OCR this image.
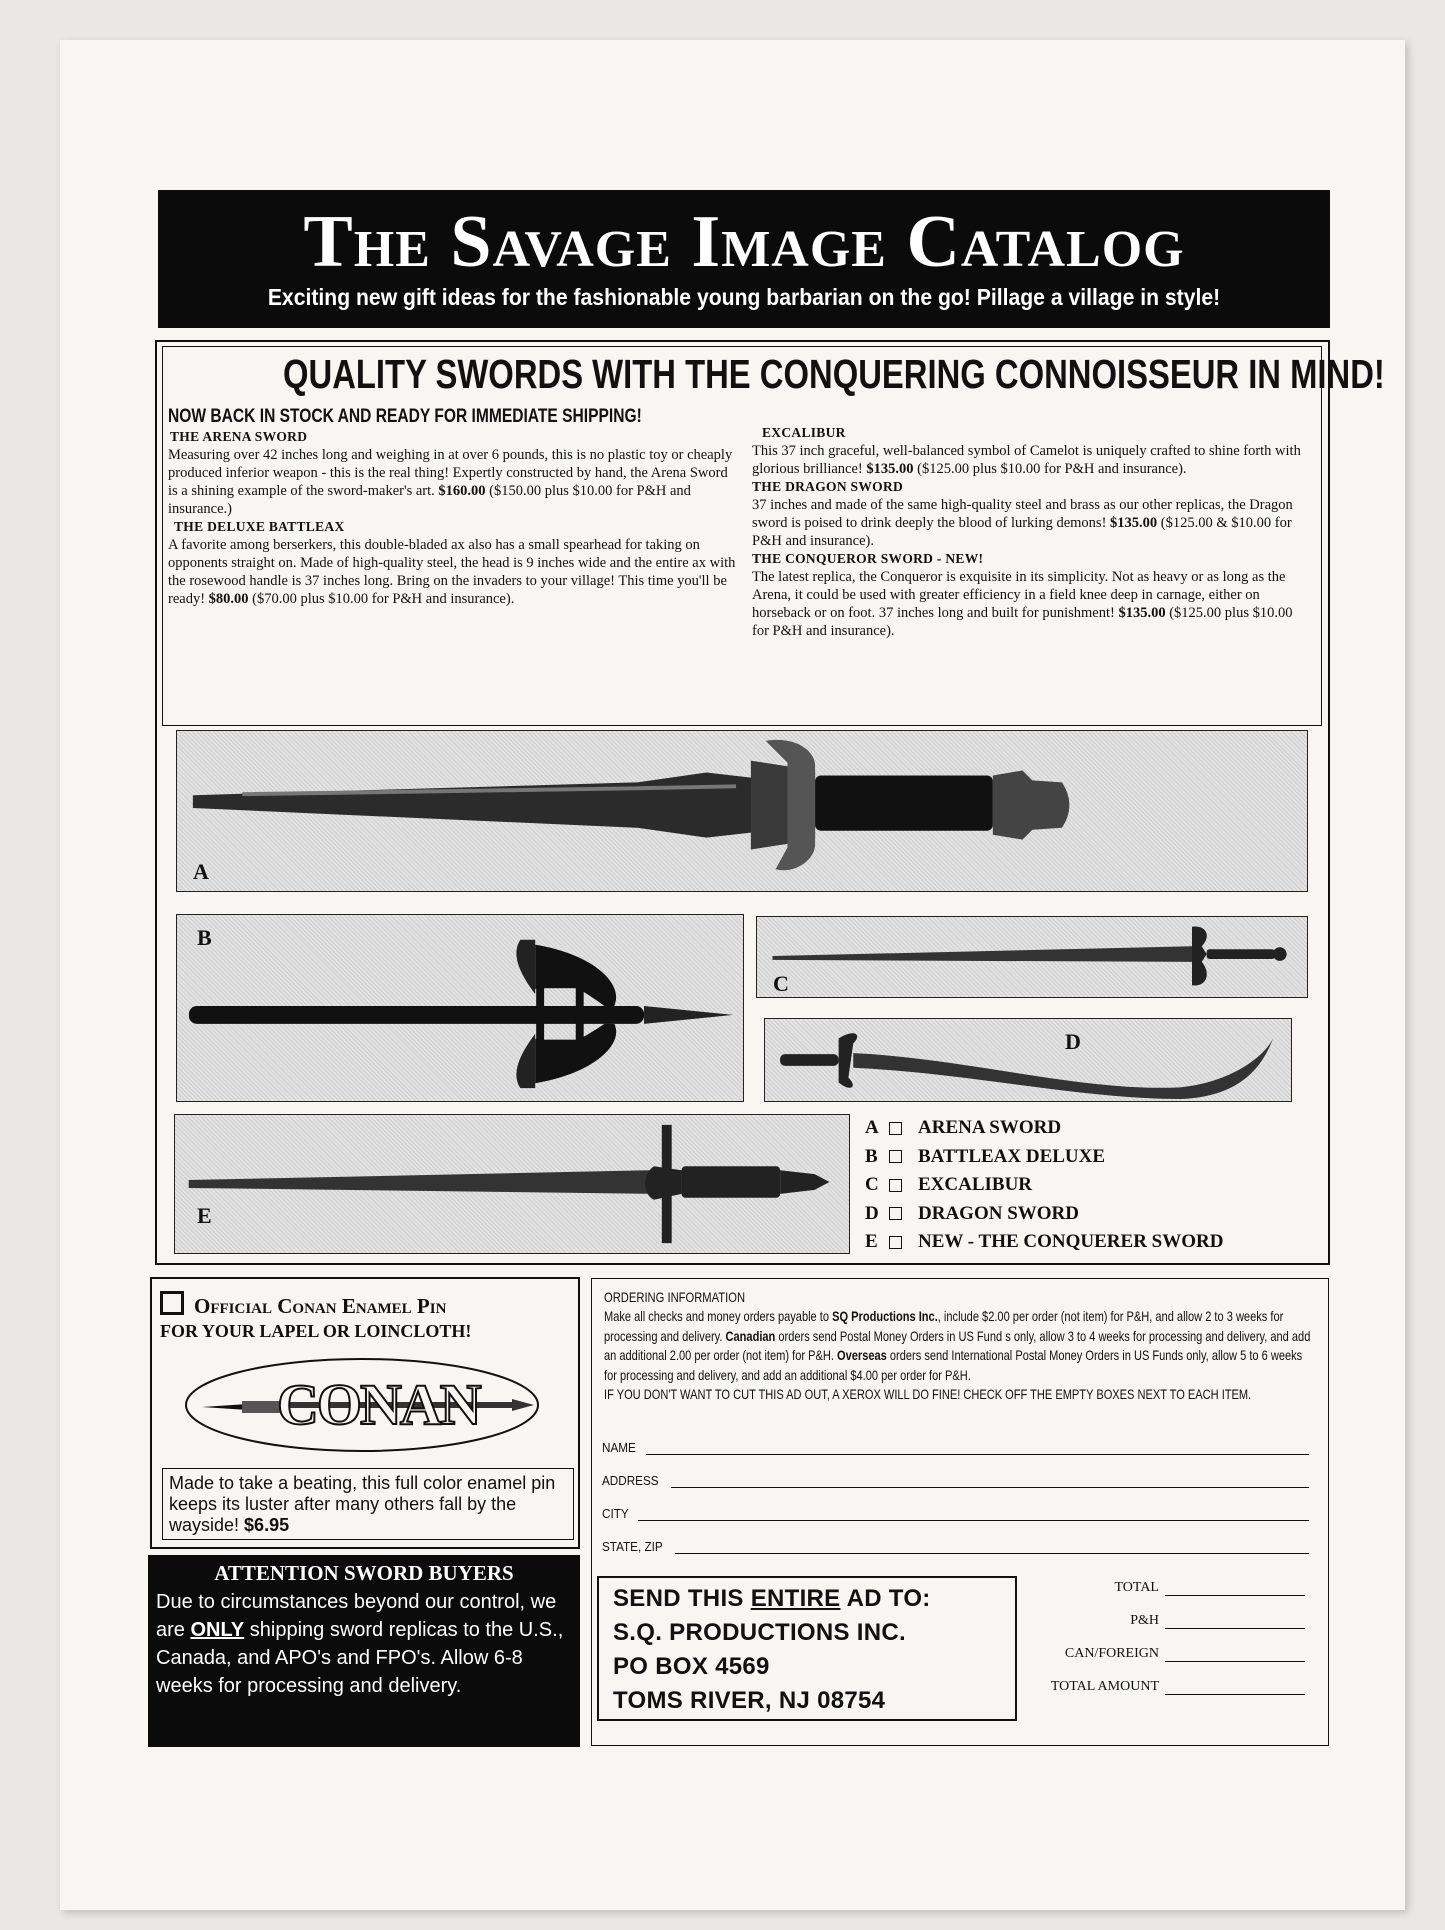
The Savage Image Catalog
Exciting new gift ideas for the fashionable young barbarian on the go! Pillage a village in style!
QUALITY SWORDS WITH THE CONQUERING CONNOISSEUR IN MIND!
NOW BACK IN STOCK AND READY FOR IMMEDIATE SHIPPING!
THE ARENA SWORD
Measuring over 42 inches long and weighing in at over 6 pounds, this is no plastic toy or cheaply produced inferior weapon - this is the real thing! Expertly constructed by hand, the Arena Sword is a shining example of the sword-maker's art. $160.00 ($150.00 plus $10.00 for P&H and insurance.)
THE DELUXE BATTLEAX
A favorite among berserkers, this double-bladed ax also has a small spearhead for taking on opponents straight on. Made of high-quality steel, the head is 9 inches wide and the entire ax with the rosewood handle is 37 inches long. Bring on the invaders to your village! This time you'll be ready! $80.00 ($70.00 plus $10.00 for P&H and insurance).
EXCALIBUR
This 37 inch graceful, well-balanced symbol of Camelot is uniquely crafted to shine forth with glorious brilliance! $135.00 ($125.00 plus $10.00 for P&H and insurance).
THE DRAGON SWORD
37 inches and made of the same high-quality steel and brass as our other replicas, the Dragon sword is poised to drink deeply the blood of lurking demons! $135.00 ($125.00 & $10.00 for P&H and insurance).
THE CONQUEROR SWORD - NEW!
The latest replica, the Conqueror is exquisite in its simplicity. Not as heavy or as long as the Arena, it could be used with greater efficiency in a field knee deep in carnage, either on horseback or on foot. 37 inches long and built for punishment! $135.00 ($125.00 plus $10.00 for P&H and insurance).
A
B
C
D
E
A	ARENA SWORD
B	BATTLEAX DELUXE
C	EXCALIBUR
D	DRAGON SWORD
E	NEW - THE CONQUERER SWORD
Official Conan Enamel Pin
FOR YOUR LAPEL OR LOINCLOTH!
CONAN
Made to take a beating, this full color enamel pin keeps its luster after many others fall by the wayside! $6.95
ATTENTION SWORD BUYERS
Due to circumstances beyond our control, we are ONLY shipping sword replicas to the U.S., Canada, and APO's and FPO's. Allow 6-8 weeks for processing and delivery.
ORDERING INFORMATION
Make all checks and money orders payable to SQ Productions Inc., include $2.00 per order (not item) for P&H, and allow 2 to 3 weeks for processing and delivery. Canadian orders send Postal Money Orders in US Fund s only, allow 3 to 4 weeks for processing and delivery, and add an additional 2.00 per order (not item) for P&H. Overseas orders send International Postal Money Orders in US Funds only, allow 5 to 6 weeks for processing and delivery, and add an additional $4.00 per order for P&H.
IF YOU DON'T WANT TO CUT THIS AD OUT, A XEROX WILL DO FINE! CHECK OFF THE EMPTY BOXES NEXT TO EACH ITEM.
NAME
ADDRESS
CITY
STATE, ZIP
SEND THIS ENTIRE AD TO:
S.Q. PRODUCTIONS INC.
PO BOX 4569
TOMS RIVER, NJ 08754
TOTAL
P&H
CAN/FOREIGN
TOTAL AMOUNT
